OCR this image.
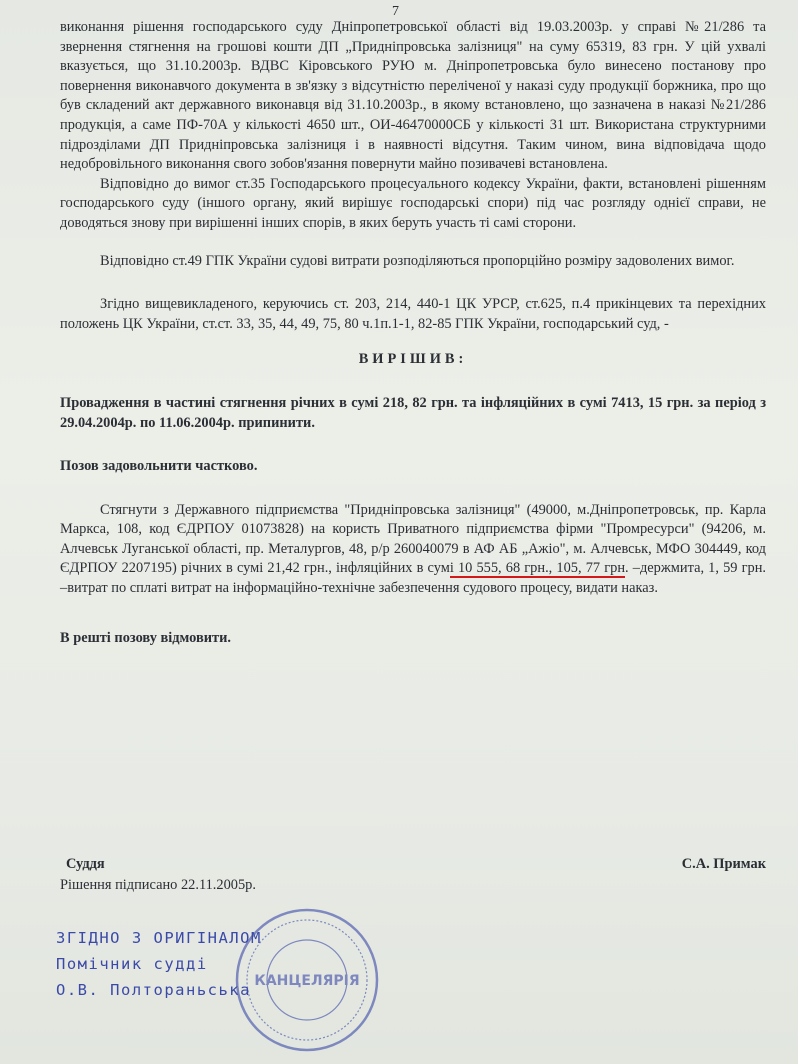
7

виконання рішення господарського суду Дніпропетровської області від 19.03.2003р. у справі №21/286 та звернення стягнення на грошові кошти ДП „Придніпровська залізниця" на суму 65319, 83 грн. У цій ухвалі вказується, що 31.10.2003р. ВДВС Кіровського РУЮ м. Дніпропетровська було винесено постанову про повернення виконавчого документа в зв'язку з відсутністю переліченої у наказі суду продукції боржника, про що був складений акт державного виконавця від 31.10.2003р., в якому встановлено, що зазначена в наказі №21/286 продукція, а саме ПФ-70А у кількості 4650 шт., ОИ-46470000СБ у кількості 31 шт. Використана структурними підрозділами ДП Придніпровська залізниця і в наявності відсутня. Таким чином, вина відповідача щодо недобровільного виконання свого зобов'язання повернути майно позивачеві встановлена.

Відповідно до вимог ст.35 Господарського процесуального кодексу України, факти, встановлені рішенням господарського суду (іншого органу, який вирішує господарські спори) під час розгляду однієї справи, не доводяться знову при вирішенні інших спорів, в яких беруть участь ті самі сторони.

Відповідно ст.49 ГПК України судові витрати розподіляються пропорційно розміру задоволених вимог.

Згідно вищевикладеного, керуючись ст. 203, 214, 440-1 ЦК УРСР, ст.625, п.4 прикінцевих та перехідних положень ЦК України, ст.ст. 33, 35, 44, 49, 75, 80 ч.1п.1-1, 82-85 ГПК України, господарський суд, -

ВИРІШИВ:

Провадження в частині стягнення річних в сумі 218, 82 грн. та інфляційних в сумі 7413, 15 грн. за період з 29.04.2004р. по 11.06.2004р. припинити.

Позов задовольнити частково.

Стягнути з Державного підприємства "Придніпровська залізниця" (49000, м.Дніпропетровськ, пр. Карла Маркса, 108, код ЄДРПОУ 01073828) на користь Приватного підприємства фірми "Промресурси" (94206, м. Алчевськ Луганської області, пр. Металургов, 48, р/р 260040079 в АФ АБ „Ажіо", м. Алчевськ, МФО 304449, код ЄДРПОУ 2207195) річних в сумі 21,42 грн., інфляційних в сумі 10 555, 68 грн., 105, 77 грн. –держмита, 1, 59 грн. –витрат по сплаті витрат на інформаційно-технічне забезпечення судового процесу, видати наказ.

В решті позову відмовити.

Суддя	С.А. Примак
Рішення підписано 22.11.2005р.
КАНЦЕЛЯРІЯ
ЗГІДНО З ОРИГІНАЛОМ
Помічник судді
О.В. Полтораньська
